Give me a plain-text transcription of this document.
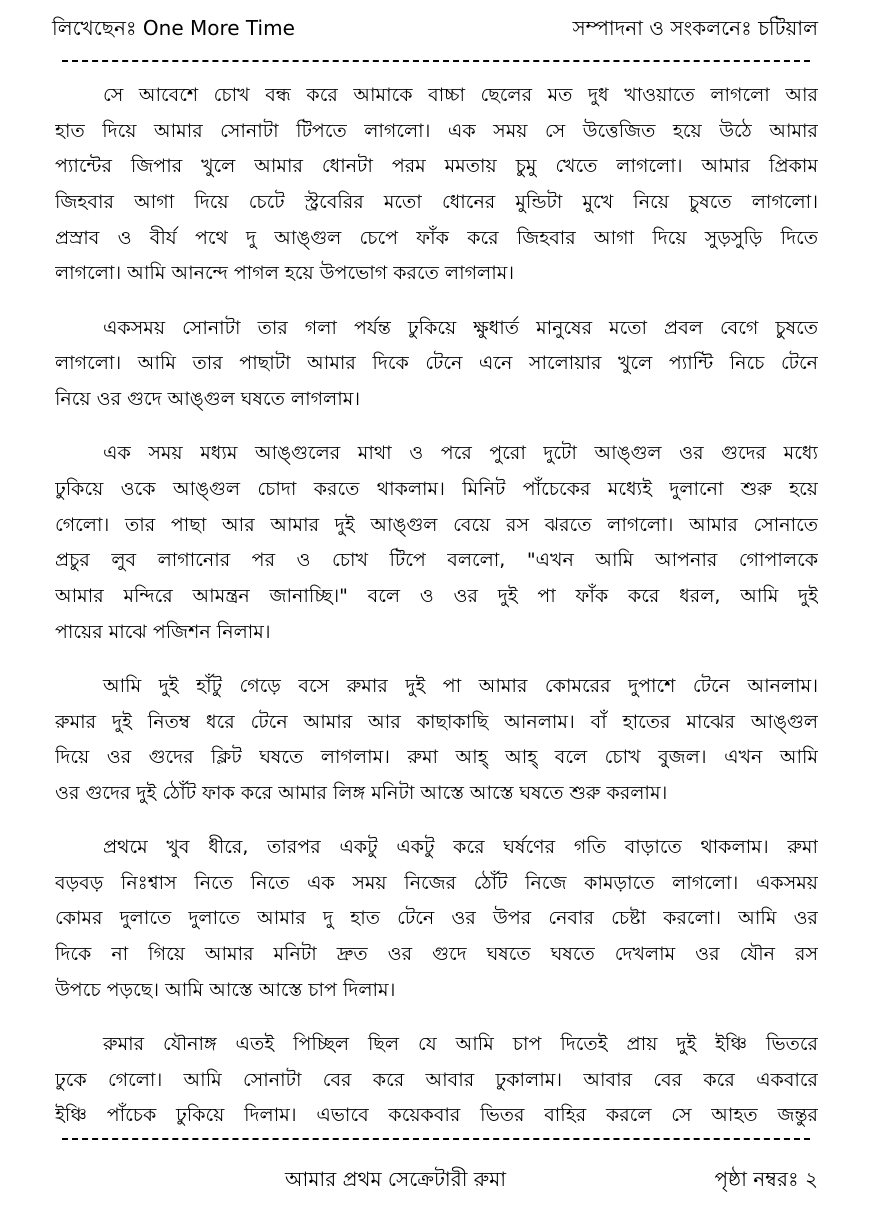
লিখেছেনঃ One More Time	সম্পাদনা ও সংকলনেঃ চটিয়াল
সে আবেশে চোখ বন্ধ করে আমাকে বাচ্চা ছেলের মত দুধ খাওয়াতে লাগলো আর
হাত দিয়ে আমার সোনাটা টিপতে লাগলো। এক সময় সে উত্তেজিত হয়ে উঠে আমার
প্যান্টের জিপার খুলে আমার ধোনটা পরম মমতায় চুমু খেতে লাগলো। আমার প্রিকাম
জিহবার আগা দিয়ে চেটে স্ট্রবেরির মতো ধোনের মুন্ডিটা মুখে নিয়ে চুষতে লাগলো।
প্রস্রাব ও বীর্য পথে দু আঙ্গুল চেপে ফাঁক করে জিহবার আগা দিয়ে সুড়সুড়ি দিতে
লাগলো। আমি আনন্দে পাগল হয়ে উপভোগ করতে লাগলাম।
একসময় সোনাটা তার গলা পর্যন্ত ঢুকিয়ে ক্ষুধার্ত মানুষের মতো প্রবল বেগে চুষতে
লাগলো। আমি তার পাছাটা আমার দিকে টেনে এনে সালোয়ার খুলে প্যান্টি নিচে টেনে
নিয়ে ওর গুদে আঙ্গুল ঘষতে লাগলাম।
এক সময় মধ্যম আঙ্গুলের মাথা ও পরে পুরো দুটো আঙ্গুল ওর গুদের মধ্যে
ঢুকিয়ে ওকে আঙ্গুল চোদা করতে থাকলাম। মিনিট পাঁচেকের মধ্যেই দুলানো শুরু হয়ে
গেলো। তার পাছা আর আমার দুই আঙ্গুল বেয়ে রস ঝরতে লাগলো। আমার সোনাতে
প্রচুর লুব লাগানোর পর ও চোখ টিপে বললো, "এখন আমি আপনার গোপালকে
আমার মন্দিরে আমন্ত্রন জানাচ্ছি।" বলে ও ওর দুই পা ফাঁক করে ধরল, আমি দুই
পায়ের মাঝে পজিশন নিলাম।
আমি দুই হাঁটু গেড়ে বসে রুমার দুই পা আমার কোমরের দুপাশে টেনে আনলাম।
রুমার দুই নিতম্ব ধরে টেনে আমার আর কাছাকাছি আনলাম। বাঁ হাতের মাঝের আঙ্গুল
দিয়ে ওর গুদের ক্লিট ঘষতে লাগলাম। রুমা আহ্‌ আহ্‌ বলে চোখ বুজল। এখন আমি
ওর গুদের দুই ঠোঁট ফাক করে আমার লিঙ্গ মনিটা আস্তে আস্তে ঘষতে শুরু করলাম।
প্রথমে খুব ধীরে, তারপর একটু একটু করে ঘর্ষণের গতি বাড়াতে থাকলাম। রুমা
বড়বড় নিঃশ্বাস নিতে নিতে এক সময় নিজের ঠোঁট নিজে কামড়াতে লাগলো। একসময়
কোমর দুলাতে দুলাতে আমার দু হাত টেনে ওর উপর নেবার চেষ্টা করলো। আমি ওর
দিকে না গিয়ে আমার মনিটা দ্রুত ওর গুদে ঘষতে ঘষতে দেখলাম ওর যৌন রস
উপচে পড়ছে। আমি আস্তে আস্তে চাপ দিলাম।
রুমার যৌনাঙ্গ এতই পিচ্ছিল ছিল যে আমি চাপ দিতেই প্রায় দুই ইঞ্চি ভিতরে
ঢুকে গেলো। আমি সোনাটা বের করে আবার ঢুকালাম। আবার বের করে একবারে
ইঞ্চি পাঁচেক ঢুকিয়ে দিলাম। এভাবে কয়েকবার ভিতর বাহির করলে সে আহত জন্তুর
আমার প্রথম সেক্রেটারী রুমা	পৃষ্ঠা নম্বরঃ ২
